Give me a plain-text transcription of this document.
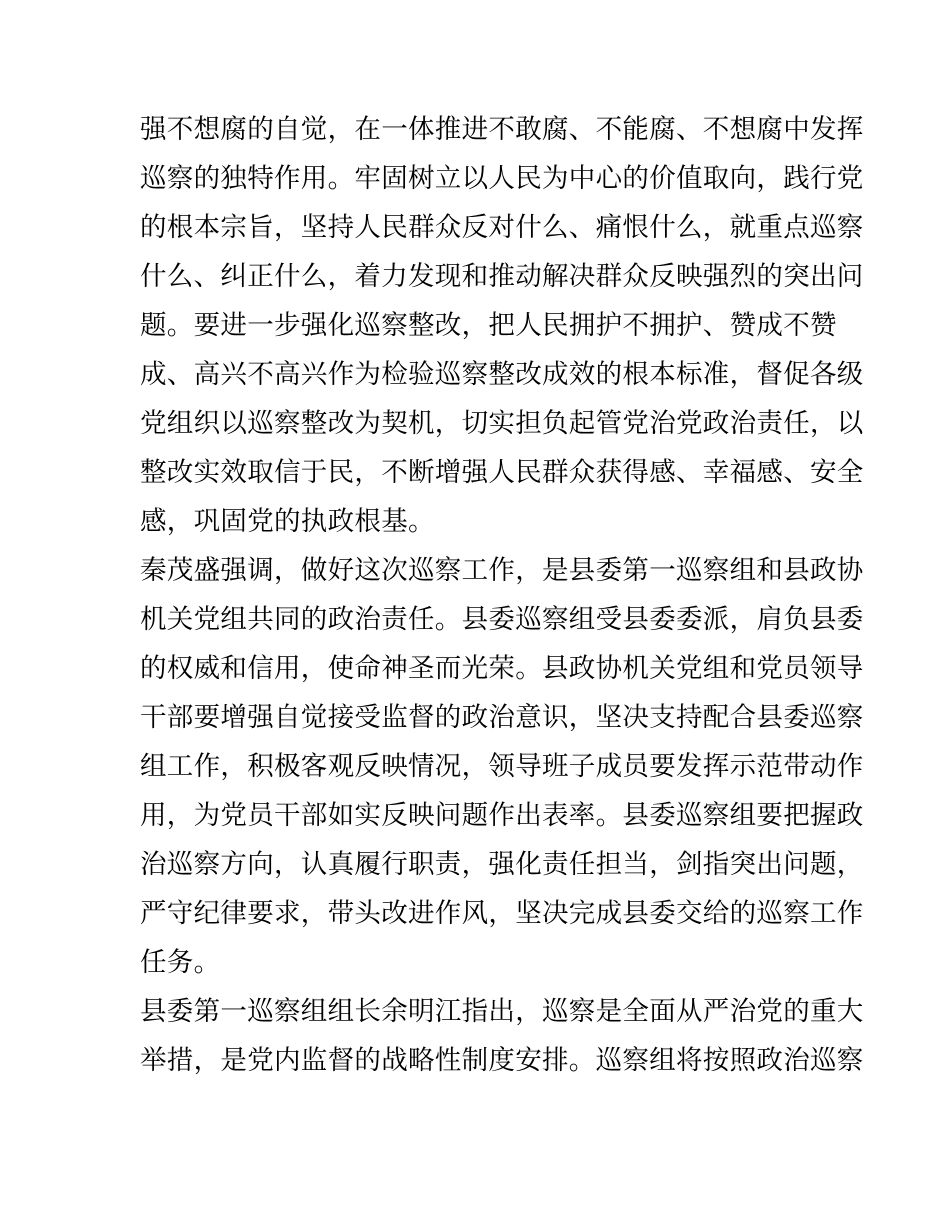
强不想腐的自觉，在一体推进不敢腐、不能腐、不想腐中发挥
巡察的独特作用。牢固树立以人民为中心的价值取向，践行党
的根本宗旨，坚持人民群众反对什么、痛恨什么，就重点巡察
什么、纠正什么，着力发现和推动解决群众反映强烈的突出问
题。要进一步强化巡察整改，把人民拥护不拥护、赞成不赞
成、高兴不高兴作为检验巡察整改成效的根本标准，督促各级
党组织以巡察整改为契机，切实担负起管党治党政治责任，以
整改实效取信于民，不断增强人民群众获得感、幸福感、安全
感，巩固党的执政根基。
秦茂盛强调，做好这次巡察工作，是县委第一巡察组和县政协
机关党组共同的政治责任。县委巡察组受县委委派，肩负县委
的权威和信用，使命神圣而光荣。县政协机关党组和党员领导
干部要增强自觉接受监督的政治意识，坚决支持配合县委巡察
组工作，积极客观反映情况，领导班子成员要发挥示范带动作
用，为党员干部如实反映问题作出表率。县委巡察组要把握政
治巡察方向，认真履行职责，强化责任担当，剑指突出问题，
严守纪律要求，带头改进作风，坚决完成县委交给的巡察工作
任务。
县委第一巡察组组长余明江指出，巡察是全面从严治党的重大
举措，是党内监督的战略性制度安排。巡察组将按照政治巡察
